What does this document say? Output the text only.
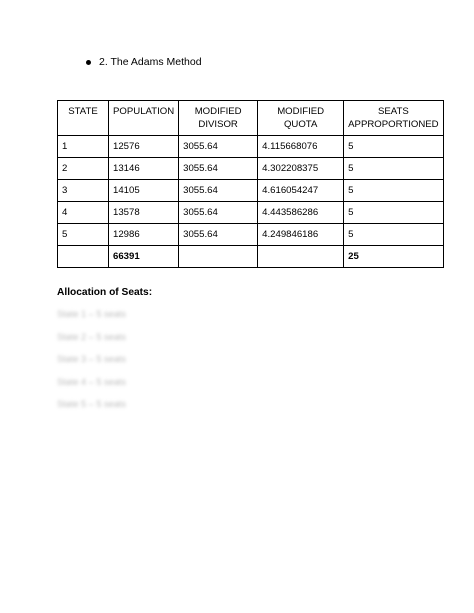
2. The Adams Method
STATE	POPULATION	MODIFIED DIVISOR	MODIFIED QUOTA	SEATS APPROPORTIONED
1	12576	3055.64	4.115668076	5
2	13146	3055.64	4.302208375	5
3	14105	3055.64	4.616054247	5
4	13578	3055.64	4.443586286	5
5	12986	3055.64	4.249846186	5
	66391			25
Allocation of Seats:
State 1 – 5 seats
State 2 – 5 seats
State 3 – 5 seats
State 4 – 5 seats
State 5 – 5 seats
